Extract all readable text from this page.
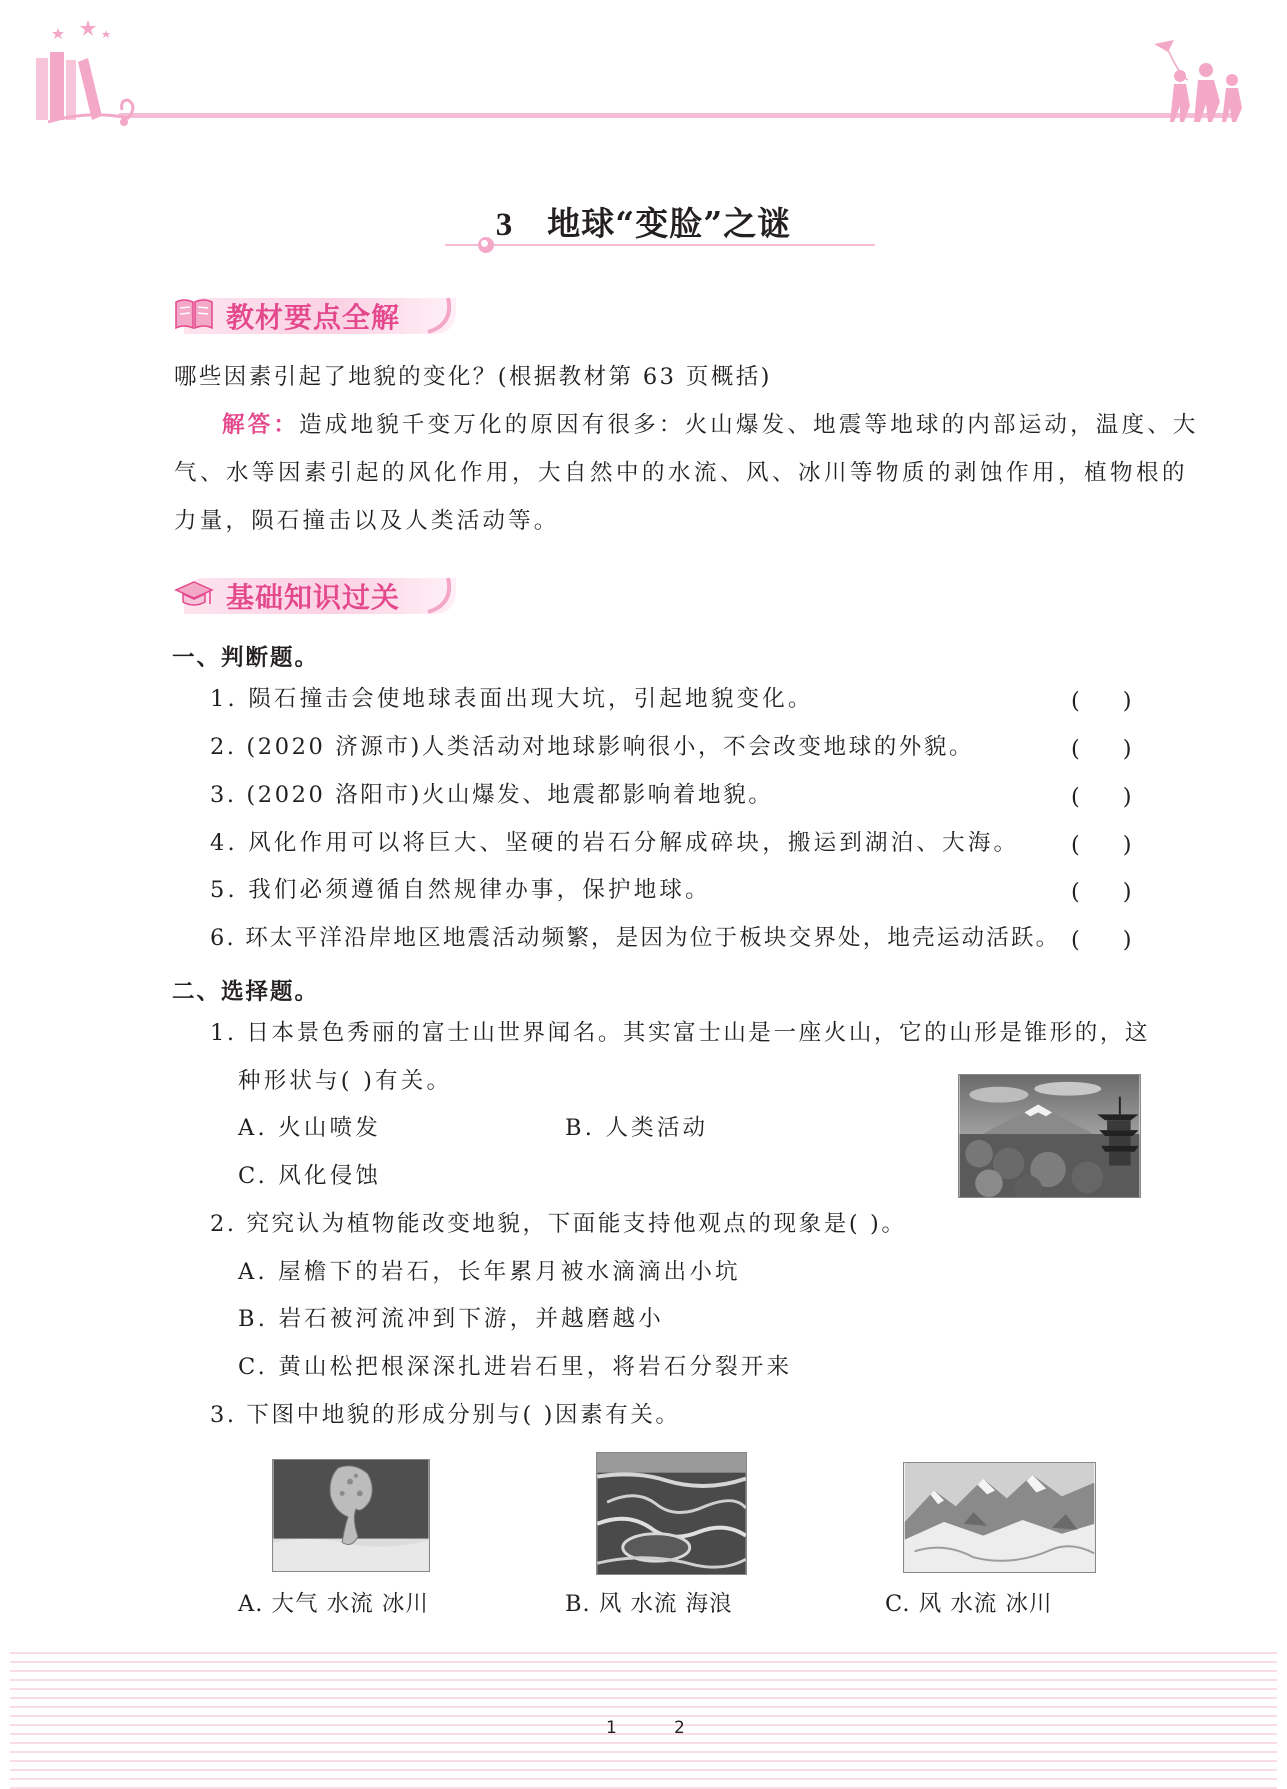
3 地球“变脸”之谜
教材要点全解
哪些因素引起了地貌的变化？(根据教材第 63 页概括)
解答：造成地貌千变万化的原因有很多：火山爆发、地震等地球的内部运动，温度、大
气、水等因素引起的风化作用，大自然中的水流、风、冰川等物质的剥蚀作用，植物根的
力量，陨石撞击以及人类活动等。
基础知识过关
一、判断题。
1. 陨石撞击会使地球表面出现大坑，引起地貌变化。	(      )
2. (2020 济源市)人类活动对地球影响很小，不会改变地球的外貌。	(      )
3. (2020 洛阳市)火山爆发、地震都影响着地貌。	(      )
4. 风化作用可以将巨大、坚硬的岩石分解成碎块，搬运到湖泊、大海。 (      )
5. 我们必须遵循自然规律办事，保护地球。	(      )
6. 环太平洋沿岸地区地震活动频繁，是因为位于板块交界处，地壳运动活跃。 (      )
二、选择题。
1. 日本景色秀丽的富士山世界闻名。其实富士山是一座火山，它的山形是锥形的，这
种形状与( )有关。
A. 火山喷发	B. 人类活动
C. 风化侵蚀
2. 究究认为植物能改变地貌，下面能支持他观点的现象是( )。
A. 屋檐下的岩石，长年累月被水滴滴出小坑
B. 岩石被河流冲到下游，并越磨越小
C. 黄山松把根深深扎进岩石里，将岩石分裂开来
3. 下图中地貌的形成分别与( )因素有关。
A. 大气 水流 冰川	B. 风 水流 海浪	C. 风 水流 冰川
1	2
